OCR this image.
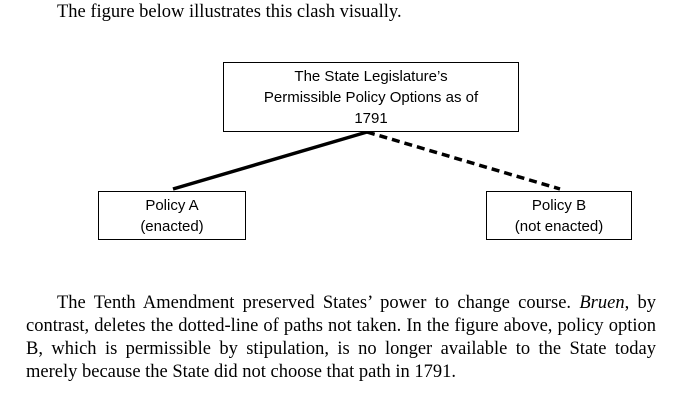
The figure below illustrates this clash visually.
The State Legislature’s
Permissible Policy Options as of
1791
Policy A
(enacted)
Policy B
(not enacted)

The Tenth Amendment preserved States’ power to change course. Bruen, by contrast, deletes the dotted-line of paths not taken. In the figure above, policy option B, which is permissible by stipulation, is no longer available to the State today merely because the State did not choose that path in 1791.
